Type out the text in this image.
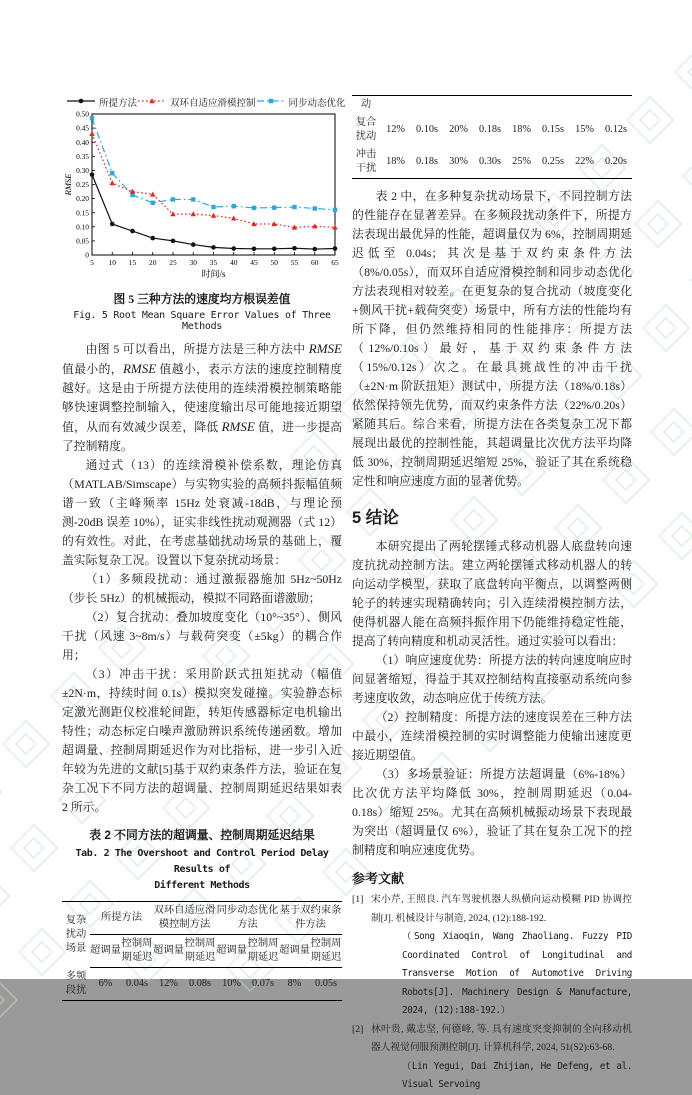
所提方法	双环自适应滑模控制	同步动态优化
0
0.05
0.10
0.15
0.20
0.25
0.30
0.35
0.40
0.45
0.50
5 10 15 20 25 30 35 40 45 50 55 60 65
时间/s
RMSE
图 5 三种方法的速度均方根误差值
Fig. 5 Root Mean Square Error Values of Three Methods

由图 5 可以看出，所提方法是三种方法中 RMSE 值最小的，RMSE 值越小，表示方法的速度控制精度越好。这是由于所提方法使用的连续滑模控制策略能够快速调整控制输入，使速度输出尽可能地接近期望值，从而有效减少误差，降低 RMSE 值，进一步提高了控制精度。

通过式（13）的连续滑模补偿系数，理论仿真（MATLAB/Simscape）与实物实验的高频抖振幅值频谱一致（主峰频率 15Hz 处衰减-18dB，与理论预测-20dB 误差 10%），证实非线性扰动观测器（式 12）的有效性。对此，在考虑基础扰动场景的基础上，覆盖实际复杂工况。设置以下复杂扰动场景：

（1）多频段扰动：通过激振器施加 5Hz~50Hz（步长 5Hz）的机械振动，模拟不同路面谱激励；

（2）复合扰动：叠加坡度变化（10°~35°）、侧风干扰（风速 3~8m/s）与载荷突变（±5kg）的耦合作用；

（3）冲击干扰：采用阶跃式扭矩扰动（幅值±2N·m，持续时间 0.1s）模拟突发碰撞。实验静态标定激光测距仪校准轮间距，转矩传感器标定电机输出特性；动态标定白噪声激励辨识系统传递函数。增加超调量、控制周期延迟作为对比指标，进一步引入近年较为先进的文献[5]基于双约束条件方法，验证在复杂工况下不同方法的超调量、控制周期延迟结果如表 2 所示。

表 2 不同方法的超调量、控制周期延迟结果
Tab. 2 The Overshoot and Control Period Delay Results of
Different Methods
复杂扰动场景	所提方法		双环自适应滑模控制方法		同步动态优化方法		基于双约束条件方法	
	超调量	控制周期延迟	超调量	控制周期延迟	超调量	控制周期延迟	超调量	控制周期延迟
多频段扰	6%	0.04s	12%	0.08s	10%	0.07s	8%	0.05s
动								
复合扰动	12%	0.10s	20%	0.18s	18%	0.15s	15%	0.12s
冲击干扰	18%	0.18s	30%	0.30s	25%	0.25s	22%	0.20s

表 2 中，在多种复杂扰动场景下，不同控制方法的性能存在显著差异。在多频段扰动条件下，所提方法表现出最优异的性能，超调量仅为 6%，控制周期延迟低至 0.04s；其次是基于双约束条件方法（8%/0.05s），而双环自适应滑模控制和同步动态优化方法表现相对较差。在更复杂的复合扰动（坡度变化+侧风干扰+载荷突变）场景中，所有方法的性能均有所下降，但仍然维持相同的性能排序：所提方法（12%/0.10s）最好，基于双约束条件方法（15%/0.12s）次之。在最具挑战性的冲击干扰（±2N·m 阶跃扭矩）测试中，所提方法（18%/0.18s）依然保持领先优势，而双约束条件方法（22%/0.20s）紧随其后。综合来看，所提方法在各类复杂工况下都展现出最优的控制性能，其超调量比次优方法平均降低 30%，控制周期延迟缩短 25%，验证了其在系统稳定性和响应速度方面的显著优势。

5 结论

本研究提出了两轮摆锤式移动机器人底盘转向速度抗扰动控制方法。建立两轮摆锤式移动机器人的转向运动学模型，获取了底盘转向平衡点，以调整两侧轮子的转速实现精确转向；引入连续滑模控制方法，使得机器人能在高频抖振作用下仍能维持稳定性能，提高了转向精度和机动灵活性。通过实验可以看出：

（1）响应速度优势：所提方法的转向速度响应时间显著缩短，得益于其双控制结构直接驱动系统向参考速度收敛，动态响应优于传统方法。

（2）控制精度：所提方法的速度误差在三种方法中最小，连续滑模控制的实时调整能力使输出速度更接近期望值。

（3）多场景验证：所提方法超调量（6%-18%）比次优方法平均降低 30%，控制周期延迟（0.04-0.18s）缩短 25%。尤其在高频机械振动场景下表现最为突出（超调量仅 6%），验证了其在复杂工况下的控制精度和响应速度优势。

参考文献
[1] 宋小芹, 王照良. 汽车驾驶机器人纵横向运动模糊 PID 协调控制[J]. 机械设计与制造, 2024, (12):188-192.
（Song Xiaoqin, Wang Zhaoliang. Fuzzy PID Coordinated Control of Longitudinal and Transverse Motion of Automotive Driving Robots[J]. Machinery Design & Manufacture, 2024, (12):188-192.）
[2] 林叶贵, 戴志坚, 何德峰, 等. 具有速度突变抑制的全向移动机器人视觉伺服预测控制[J]. 计算机科学, 2024, 51(S2):63-68.
（Lin Yegui, Dai Zhijian, He Defeng, et al. Visual Servoing
